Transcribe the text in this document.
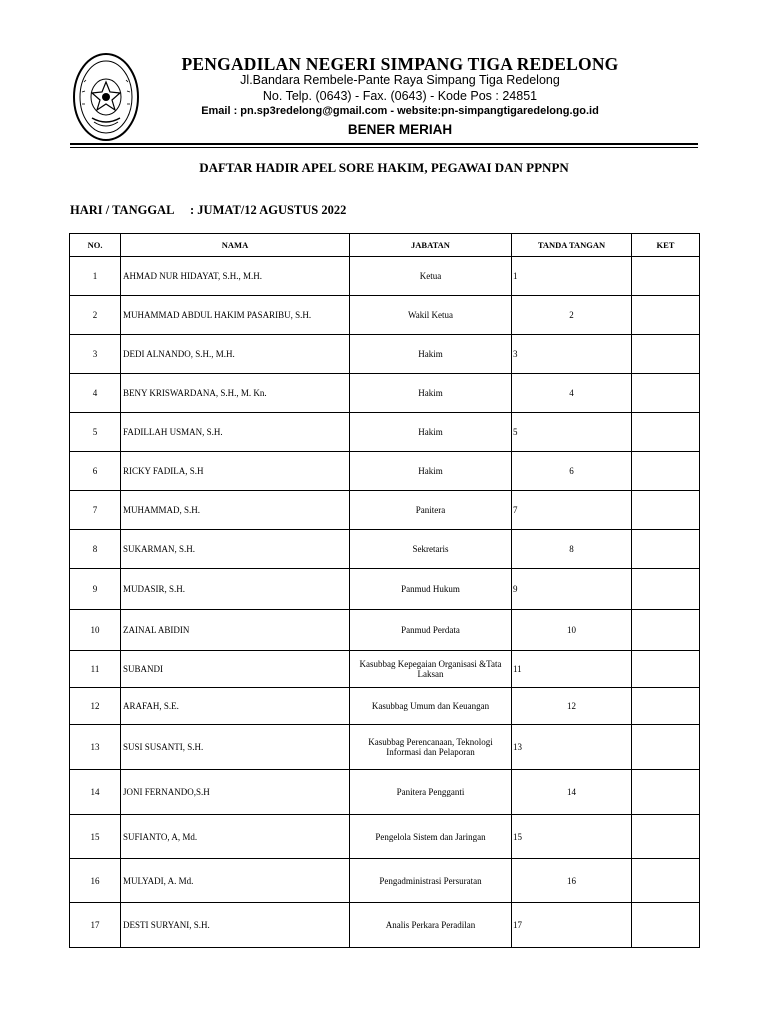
PENGADILAN NEGERI SIMPANG TIGA REDELONG
Jl.Bandara Rembele-Pante Raya Simpang Tiga Redelong
No. Telp. (0643) - Fax. (0643) - Kode Pos : 24851
Email : pn.sp3redelong@gmail.com - website:pn-simpangtigaredelong.go.id
BENER MERIAH
DAFTAR HADIR APEL SORE HAKIM, PEGAWAI DAN PPNPN
HARI / TANGGAL : JUMAT/12 AGUSTUS 2022
NO.	NAMA	JABATAN	TANDA TANGAN	KET
1	AHMAD NUR HIDAYAT, S.H., M.H.	Ketua	1	
2	MUHAMMAD ABDUL HAKIM PASARIBU, S.H.	Wakil Ketua	2	
3	DEDI ALNANDO, S.H., M.H.	Hakim	3	
4	BENY KRISWARDANA, S.H., M. Kn.	Hakim	4	
5	FADILLAH USMAN, S.H.	Hakim	5	
6	RICKY FADILA, S.H	Hakim	6	
7	MUHAMMAD, S.H.	Panitera	7	
8	SUKARMAN, S.H.	Sekretaris	8	
9	MUDASIR, S.H.	Panmud Hukum	9	
10	ZAINAL ABIDIN	Panmud Perdata	10	
11	SUBANDI	Kasubbag Kepegaian Organisasi &Tata Laksan	11	
12	ARAFAH, S.E.	Kasubbag Umum dan Keuangan	12	
13	SUSI SUSANTI, S.H.	Kasubbag Perencanaan, Teknologi Informasi dan Pelaporan	13	
14	JONI FERNANDO,S.H	Panitera Pengganti	14	
15	SUFIANTO, A, Md.	Pengelola Sistem dan Jaringan	15	
16	MULYADI, A. Md.	Pengadministrasi Persuratan	16	
17	DESTI SURYANI, S.H.	Analis Perkara Peradilan	17	
